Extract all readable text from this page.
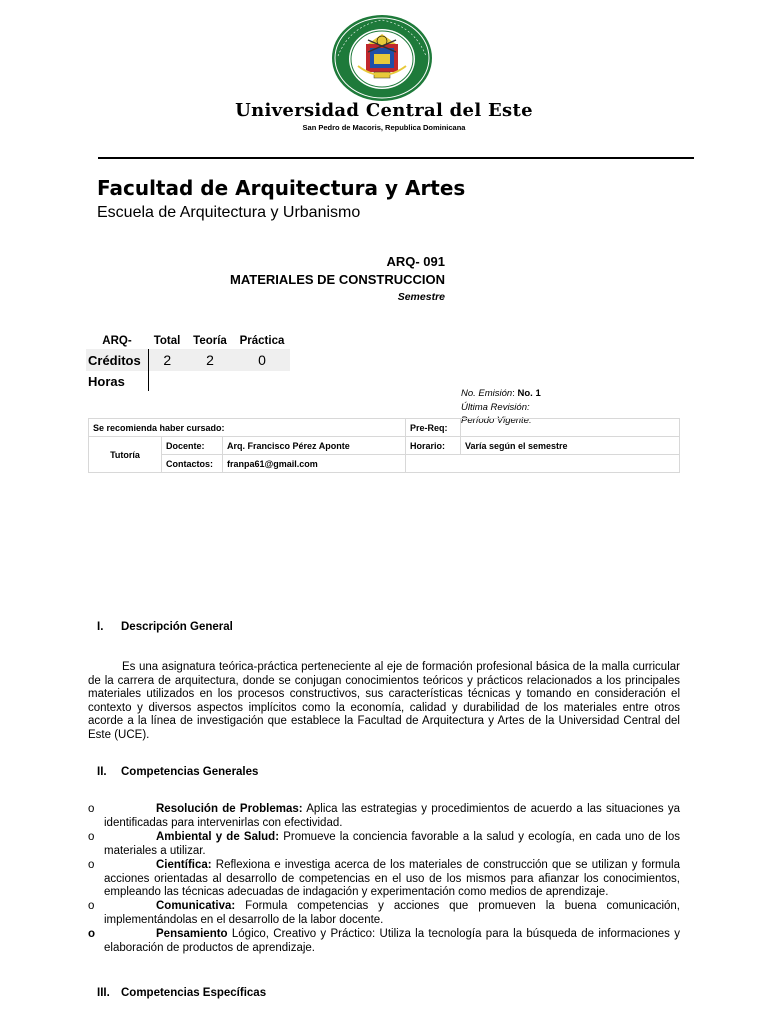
Universidad Central del Este
San Pedro de Macoris, Republica Dominicana
Facultad de Arquitectura y Artes
Escuela de Arquitectura y Urbanismo
ARQ- 091
MATERIALES DE CONSTRUCCION
Semestre
ARQ-	Total	Teoría	Práctica
Créditos	2	2	0
Horas			
No. Emisión: No. 1
Última Revisión:
Período Vigente:
Se recomienda haber cursado:			Pre-Req:	
Tutoría	Docente:	Arq. Francisco Pérez Aponte	Horario:	Varía según el semestre
	Contactos:	franpa61@gmail.com		
I. Descripción General
Es una asignatura teórica-práctica perteneciente al eje de formación profesional básica de la malla curricular de la carrera de arquitectura, donde se conjugan conocimientos teóricos y prácticos relacionados a los principales materiales utilizados en los procesos constructivos, sus características técnicas y tomando en consideración el contexto y diversos aspectos implícitos como la economía, calidad y durabilidad de los materiales entre otros acorde a la línea de investigación que establece la Facultad de Arquitectura y Artes de la Universidad Central del Este (UCE).
II. Competencias Generales
o	Resolución de Problemas: Aplica las estrategias y procedimientos de acuerdo a las situaciones ya identificadas para intervenirlas con efectividad.
o	Ambiental y de Salud: Promueve la conciencia favorable a la salud y ecología, en cada uno de los materiales a utilizar.
o	Científica: Reflexiona e investiga acerca de los materiales de construcción que se utilizan y formula acciones orientadas al desarrollo de competencias en el uso de los mismos para afianzar los conocimientos, empleando las técnicas adecuadas de indagación y experimentación como medios de aprendizaje.
o	Comunicativa: Formula competencias y acciones que promueven la buena comunicación, implementándolas en el desarrollo de la labor docente.
o	Pensamiento Lógico, Creativo y Práctico: Utiliza la tecnología para la búsqueda de informaciones y elaboración de productos de aprendizaje.
III. Competencias Específicas
